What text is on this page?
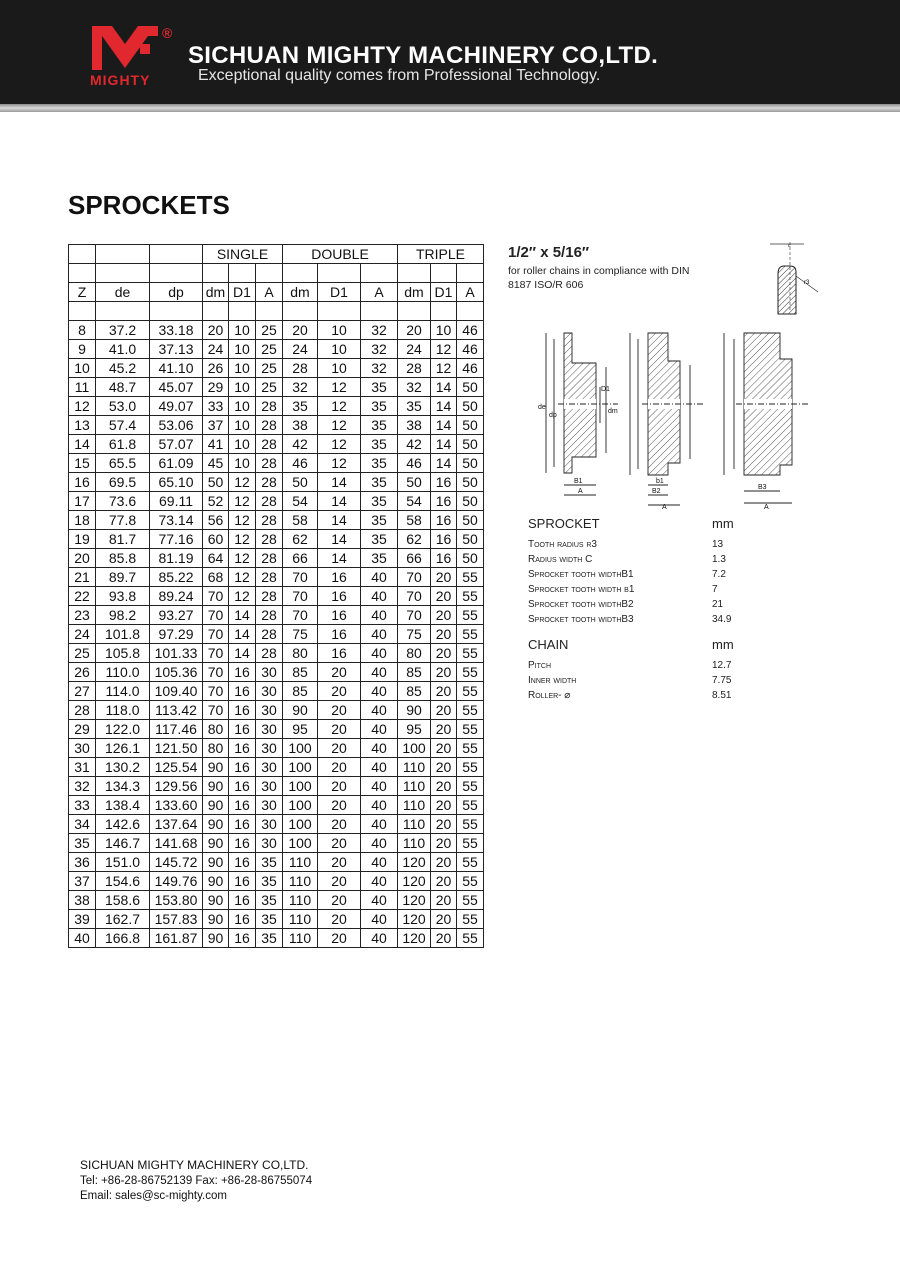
®
MIGHTY
SICHUAN MIGHTY MACHINERY CO,LTD.
Exceptional quality comes from Professional Technology.
SPROCKETS
			SINGLE			DOUBLE			TRIPLE		

Z	de	dp	dm	D1	A	dm	D1	A	dm	D1	A

8	37.2	33.18	20	10	25	20	10	32	20	10	46
9	41.0	37.13	24	10	25	24	10	32	24	12	46
10	45.2	41.10	26	10	25	28	10	32	28	12	46
11	48.7	45.07	29	10	25	32	12	35	32	14	50
12	53.0	49.07	33	10	28	35	12	35	35	14	50
13	57.4	53.06	37	10	28	38	12	35	38	14	50
14	61.8	57.07	41	10	28	42	12	35	42	14	50
15	65.5	61.09	45	10	28	46	12	35	46	14	50
16	69.5	65.10	50	12	28	50	14	35	50	16	50
17	73.6	69.11	52	12	28	54	14	35	54	16	50
18	77.8	73.14	56	12	28	58	14	35	58	16	50
19	81.7	77.16	60	12	28	62	14	35	62	16	50
20	85.8	81.19	64	12	28	66	14	35	66	16	50
21	89.7	85.22	68	12	28	70	16	40	70	20	55
22	93.8	89.24	70	12	28	70	16	40	70	20	55
23	98.2	93.27	70	14	28	70	16	40	70	20	55
24	101.8	97.29	70	14	28	75	16	40	75	20	55
25	105.8	101.33	70	14	28	80	16	40	80	20	55
26	110.0	105.36	70	16	30	85	20	40	85	20	55
27	114.0	109.40	70	16	30	85	20	40	85	20	55
28	118.0	113.42	70	16	30	90	20	40	90	20	55
29	122.0	117.46	80	16	30	95	20	40	95	20	55
30	126.1	121.50	80	16	30	100	20	40	100	20	55
31	130.2	125.54	90	16	30	100	20	40	110	20	55
32	134.3	129.56	90	16	30	100	20	40	110	20	55
33	138.4	133.60	90	16	30	100	20	40	110	20	55
34	142.6	137.64	90	16	30	100	20	40	110	20	55
35	146.7	141.68	90	16	30	100	20	40	110	20	55
36	151.0	145.72	90	16	35	110	20	40	120	20	55
37	154.6	149.76	90	16	35	110	20	40	120	20	55
38	158.6	153.80	90	16	35	110	20	40	120	20	55
39	162.7	157.83	90	16	35	110	20	40	120	20	55
40	166.8	161.87	90	16	35	110	20	40	120	20	55
1/2″ x 5/16″
for roller chains in compliance with DIN 8187 ISO/R 606	r3
c
de
dp
dm
D1
B1
A
b1
B2
A
B3
A
SPROCKET	mm
Tooth radius r3	13
Radius width C	1.3
Sprocket tooth widthB1	7.2
Sprocket tooth width b1	7
Sprocket tooth widthB2	21
Sprocket tooth widthB3	34.9
CHAIN	mm
Pitch	12.7
Inner width	7.75
Roller- ⌀	8.51
SICHUAN MIGHTY MACHINERY CO,LTD.
Tel: +86-28-86752139 Fax: +86-28-86755074
Email: sales@sc-mighty.com
